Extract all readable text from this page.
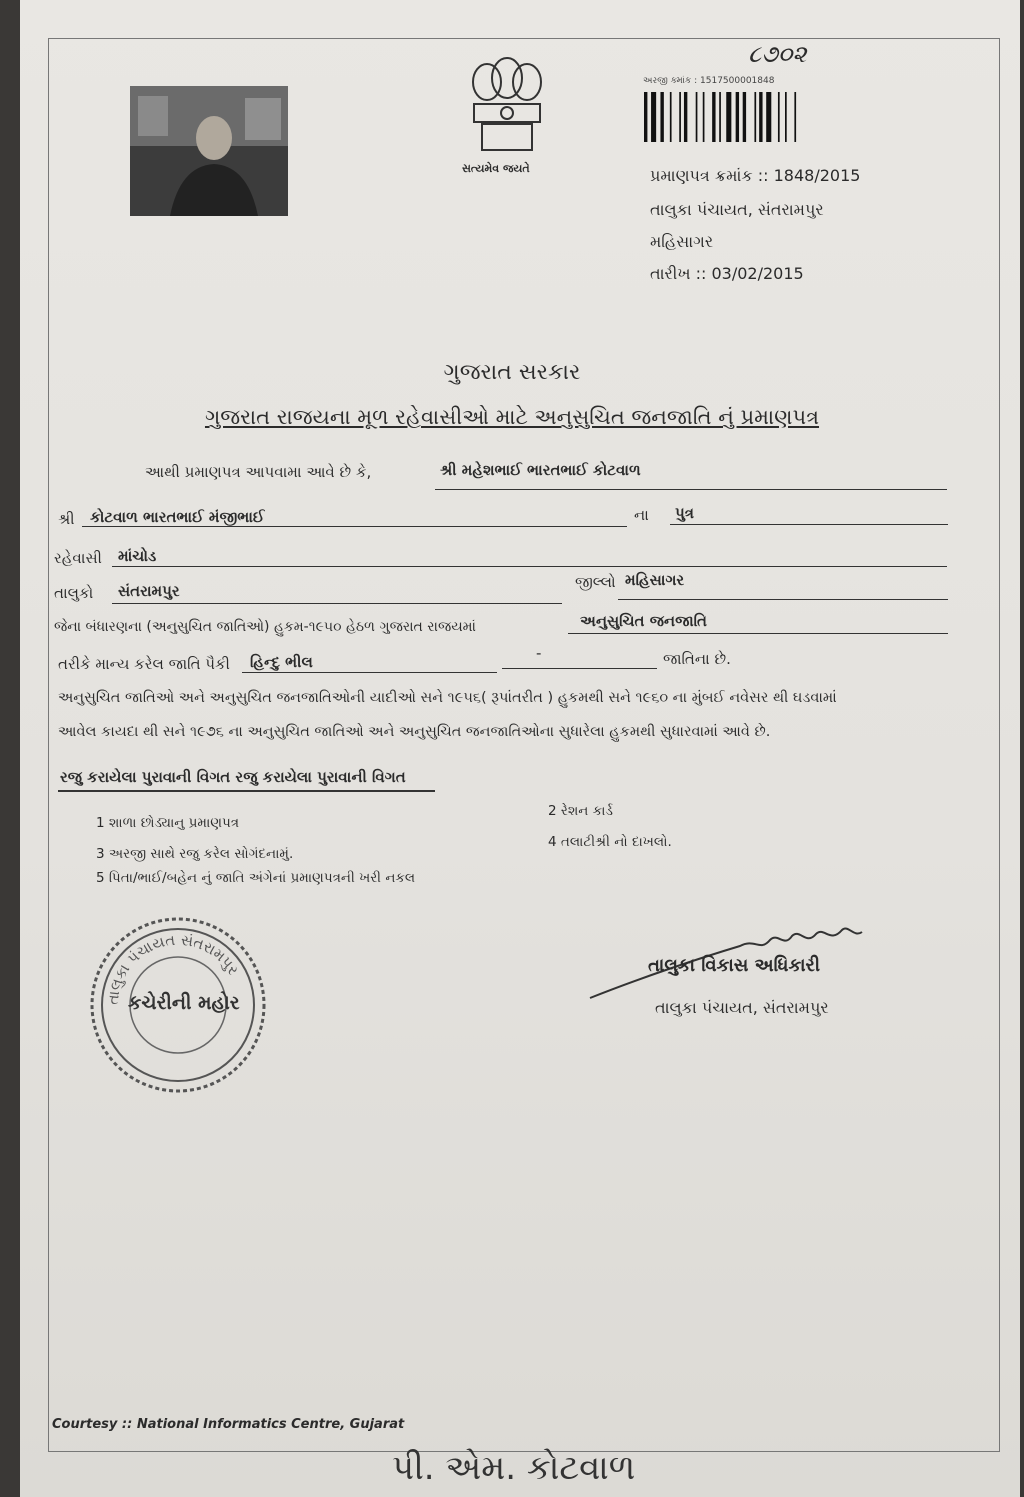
સત્યમેવ જયતે
૮૭૦૨
અરજી ક્માંક : 1517500001848
પ્રમાણપત્ર ક્રમાંક :: 1848/2015
તાલુકા પંચાયત, સંતરામપુર
મહિસાગર
તારીખ :: 03/02/2015
ગુજરાત સરકાર
ગુજરાત રાજયના મૂળ રહેવાસીઓ માટે અનુસુચિત જનજાતિ નું પ્રમાણપત્ર
આથી પ્રમાણપત્ર આપવામા આવે છે કે,	શ્રી મહેશભાઈ ભારતભાઈ કોટવાળ
શ્રી કોટવાળ ભારતભાઈ મંજીભાઈ	ના પુત્ર
રહેવાસી માંચોડ
તાલુકો સંતરામપુર	જીલ્લો મહિસાગર
જેના બંધારણના (અનુસુચિત જાતિઓ) હુકમ-૧૯૫૦ હેઠળ ગુજરાત રાજયમાં	અનુસુચિત જનજાતિ
તરીકે માન્ય કરેલ જાતિ પૈકી હિન્દુ ભીલ	-	જાતિના છે.
અનુસુચિત જાતિઓ અને અનુસુચિત જનજાતિઓની યાદીઓ સને ૧૯૫૬( રૂપાંતરીત ) હુકમથી સને ૧૯૬૦ ના મુંબઈ નવેસર થી ઘડવામાં
આવેલ કાયદા થી સને ૧૯૭૬ ના અનુસુચિત જાતિઓ અને અનુસુચિત જનજાતિઓના સુધારેલા હુકમથી સુધારવામાં આવે છે.
રજુ કરાયેલા પુરાવાની વિગત રજુ કરાયેલા પુરાવાની વિગત
1 શાળા છોડ્યાનુ પ્રમાણપત્ર
2 રેશન કાર્ડ
3 અરજી સાથે રજુ કરેલ સોગંદનામું.
4 તલાટીશ્રી નો દાખલો.
5 પિતા/ભાઈ/બહેન નું જાતિ અંગેનાં પ્રમાણપત્રની ખરી નકલ
તાલુકા પંચાયત સંતરામપુર
કચેરીની મહોર
તાલુકા વિકાસ અધિકારી
તાલુકા પંચાયત, સંતરામપુર
Courtesy :: National Informatics Centre, Gujarat
પી. એમ. કોટવાળ
